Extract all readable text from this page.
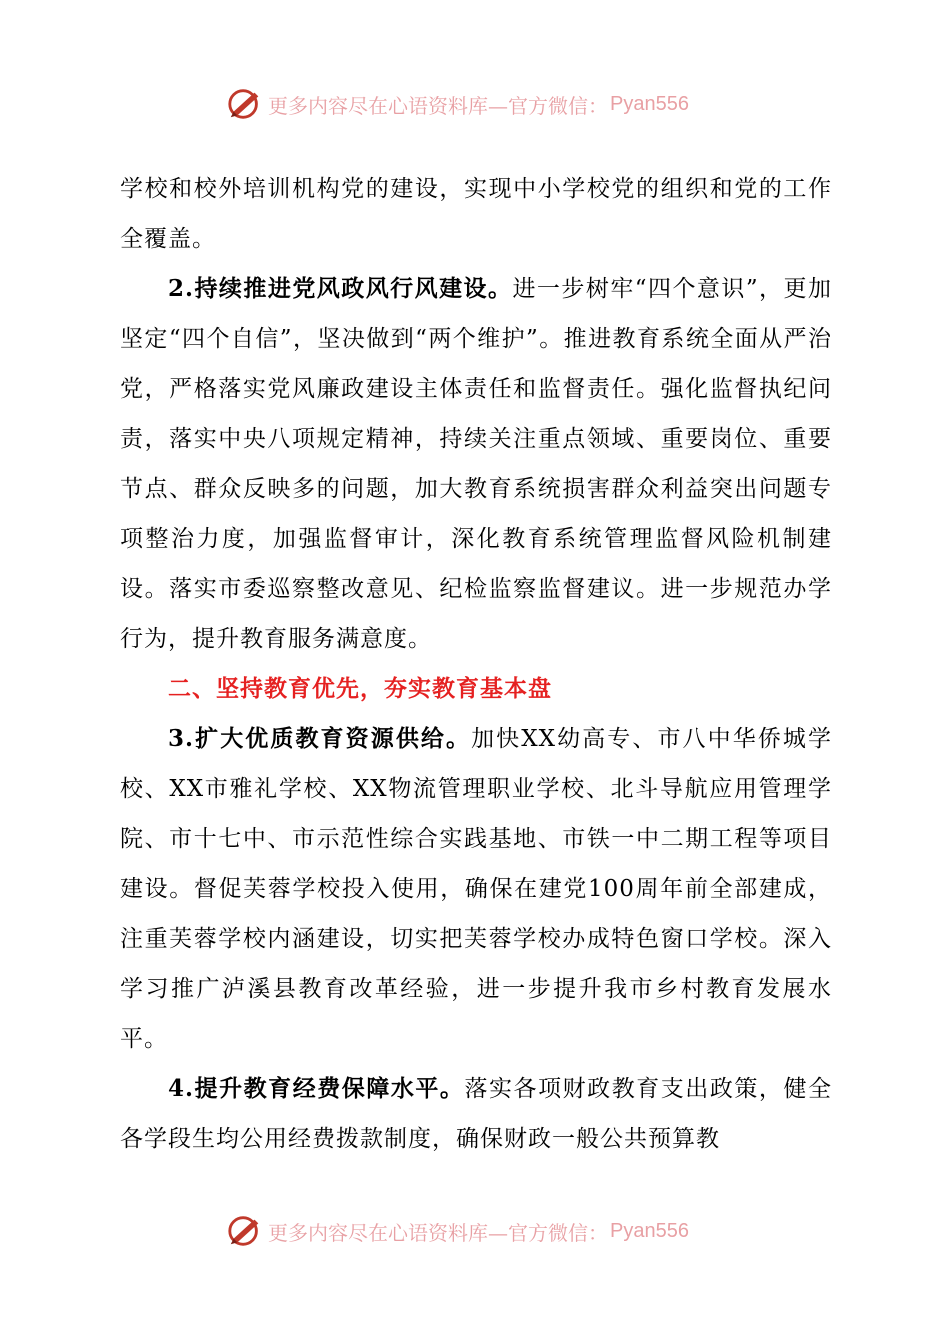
更多内容尽在心语资料库—官方微信： Pyan556

学校和校外培训机构党的建设，实现中小学校党的组织和党的工作全覆盖。

2.持续推进党风政风行风建设。进一步树牢“四个意识”，更加坚定“四个自信”，坚决做到“两个维护”。推进教育系统全面从严治党，严格落实党风廉政建设主体责任和监督责任。强化监督执纪问责，落实中央八项规定精神，持续关注重点领域、重要岗位、重要节点、群众反映多的问题，加大教育系统损害群众利益突出问题专项整治力度，加强监督审计，深化教育系统管理监督风险机制建设。落实市委巡察整改意见、纪检监察监督建议。进一步规范办学行为，提升教育服务满意度。

二、坚持教育优先，夯实教育基本盘

3.扩大优质教育资源供给。加快XX幼高专、市八中华侨城学校、XX市雅礼学校、XX物流管理职业学校、北斗导航应用管理学院、市十七中、市示范性综合实践基地、市铁一中二期工程等项目建设。督促芙蓉学校投入使用，确保在建党100周年前全部建成，注重芙蓉学校内涵建设，切实把芙蓉学校办成特色窗口学校。深入学习推广泸溪县教育改革经验，进一步提升我市乡村教育发展水平。

4.提升教育经费保障水平。落实各项财政教育支出政策，健全各学段生均公用经费拨款制度，确保财政一般公共预算教

更多内容尽在心语资料库—官方微信： Pyan556
